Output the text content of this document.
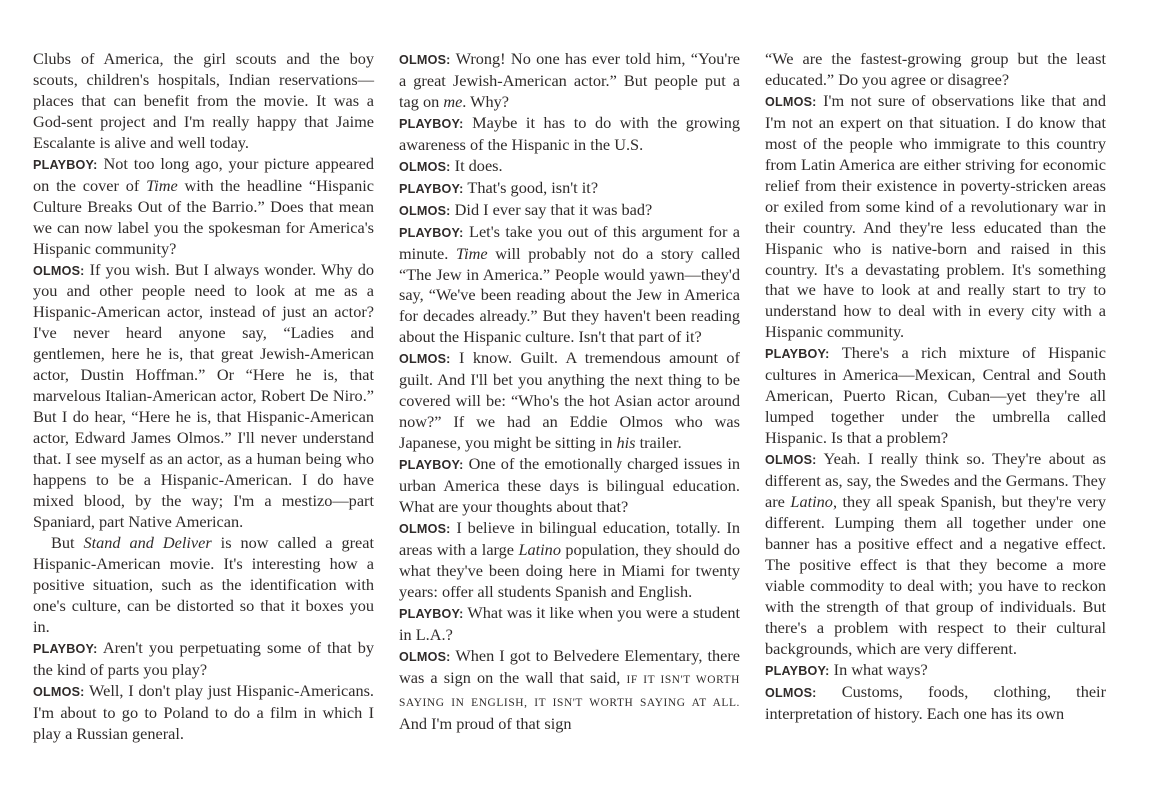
Clubs of America, the girl scouts and the boy scouts, children's hospitals, Indian reservations—places that can benefit from the movie. It was a God-sent project and I'm really happy that Jaime Escalante is alive and well today.

PLAYBOY: Not too long ago, your picture appeared on the cover of Time with the headline “Hispanic Culture Breaks Out of the Barrio.” Does that mean we can now label you the spokesman for America's Hispanic community?

OLMOS: If you wish. But I always wonder. Why do you and other people need to look at me as a Hispanic-American actor, instead of just an actor? I've never heard anyone say, “Ladies and gentlemen, here he is, that great Jewish-American actor, Dustin Hoffman.” Or “Here he is, that marvelous Italian-American actor, Robert De Niro.” But I do hear, “Here he is, that Hispanic-American actor, Edward James Olmos.” I'll never understand that. I see myself as an actor, as a human being who happens to be a Hispanic-American. I do have mixed blood, by the way; I'm a mestizo—part Spaniard, part Native American.

But Stand and Deliver is now called a great Hispanic-American movie. It's interesting how a positive situation, such as the identification with one's culture, can be distorted so that it boxes you in.

PLAYBOY: Aren't you perpetuating some of that by the kind of parts you play?

OLMOS: Well, I don't play just Hispanic-Americans. I'm about to go to Poland to do a film in which I play a Russian general.

OLMOS: Wrong! No one has ever told him, “You're a great Jewish-American actor.” But people put a tag on me. Why?

PLAYBOY: Maybe it has to do with the growing awareness of the Hispanic in the U.S.

OLMOS: It does.

PLAYBOY: That's good, isn't it?

OLMOS: Did I ever say that it was bad?

PLAYBOY: Let's take you out of this argument for a minute. Time will probably not do a story called “The Jew in America.” People would yawn—they'd say, “We've been reading about the Jew in America for decades already.” But they haven't been reading about the Hispanic culture. Isn't that part of it?

OLMOS: I know. Guilt. A tremendous amount of guilt. And I'll bet you anything the next thing to be covered will be: “Who's the hot Asian actor around now?” If we had an Eddie Olmos who was Japanese, you might be sitting in his trailer.

PLAYBOY: One of the emotionally charged issues in urban America these days is bilingual education. What are your thoughts about that?

OLMOS: I believe in bilingual education, totally. In areas with a large Latino population, they should do what they've been doing here in Miami for twenty years: offer all students Spanish and English.

PLAYBOY: What was it like when you were a student in L.A.?

OLMOS: When I got to Belvedere Elementary, there was a sign on the wall that said, IF IT ISN'T WORTH SAYING IN ENGLISH, IT ISN'T WORTH SAYING AT ALL. And I'm proud of that sign

“We are the fastest-growing group but the least educated.” Do you agree or disagree?

OLMOS: I'm not sure of observations like that and I'm not an expert on that situation. I do know that most of the people who immigrate to this country from Latin America are either striving for economic relief from their existence in poverty-stricken areas or exiled from some kind of a revolutionary war in their country. And they're less educated than the Hispanic who is native-born and raised in this country. It's a devastating problem. It's something that we have to look at and really start to try to understand how to deal with in every city with a Hispanic community.

PLAYBOY: There's a rich mixture of Hispanic cultures in America—Mexican, Central and South American, Puerto Rican, Cuban—yet they're all lumped together under the umbrella called Hispanic. Is that a problem?

OLMOS: Yeah. I really think so. They're about as different as, say, the Swedes and the Germans. They are Latino, they all speak Spanish, but they're very different. Lumping them all together under one banner has a positive effect and a negative effect. The positive effect is that they become a more viable commodity to deal with; you have to reckon with the strength of that group of individuals. But there's a problem with respect to their cultural backgrounds, which are very different.

PLAYBOY: In what ways?

OLMOS: Customs, foods, clothing, their interpretation of history. Each one has its own
